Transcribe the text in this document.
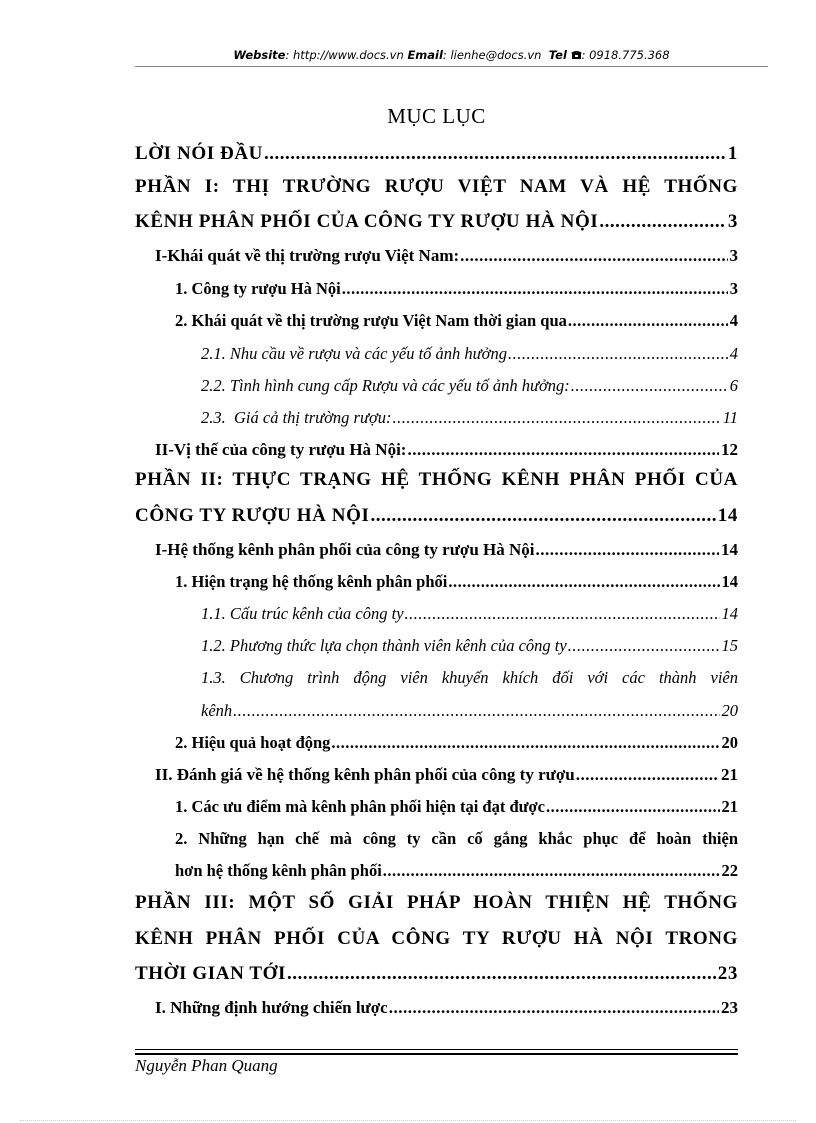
Website: http://www.docs.vn Email: lienhe@docs.vn Tel : 0918.775.368
MỤC LỤC
LỜI NÓI ĐẦU .....	1
PHẦN I: THỊ TRƯỜNG RƯỢU VIỆT NAM VÀ HỆ THỐNG
KÊNH PHÂN PHỐI CỦA CÔNG TY RƯỢU HÀ NỘI .....	3
I-Khái quát về thị trường rượu Việt Nam: .....	3
1. Công ty rượu Hà Nội .....	3
2. Khái quát về thị trường rượu Việt Nam thời gian qua .....	4
2.1. Nhu cầu về rượu và các yếu tố ảnh hưởng .....	4
2.2. Tình hình cung cấp Rượu và các yếu tố ảnh hưởng: .....	6
2.3.  Giá cả thị trường rượu: .....	11
II-Vị thế của công ty rượu Hà Nội: .....	12
PHẦN II: THỰC TRẠNG HỆ THỐNG KÊNH PHÂN PHỐI CỦA
CÔNG TY RƯỢU HÀ NỘI .....	14
I-Hệ thống kênh phân phối của công ty rượu Hà Nội .....	14
1. Hiện trạng hệ thống kênh phân phối .....	14
1.1. Cấu trúc kênh của công ty .....	14
1.2. Phương thức lựa chọn thành viên kênh của công ty .....	15
1.3. Chương trình động viên khuyến khích đối với các thành viên
kênh .....	20
2. Hiệu quả hoạt động .....	20
II. Đánh giá về hệ thống kênh phân phối của công ty rượu .....	21
1. Các ưu điểm mà kênh phân phối hiện tại đạt được .....	21
2. Những hạn chế mà công ty cần cố gắng khắc phục để hoàn thiện
hơn hệ thống kênh phân phối .....	22
PHẦN III: MỘT SỐ GIẢI PHÁP HOÀN THIỆN HỆ THỐNG
KÊNH PHÂN PHỐI CỦA CÔNG TY RƯỢU HÀ NỘI TRONG
THỜI GIAN TỚI .....	23
I. Những định hướng chiến lược .....	23
Nguyễn Phan Quang
